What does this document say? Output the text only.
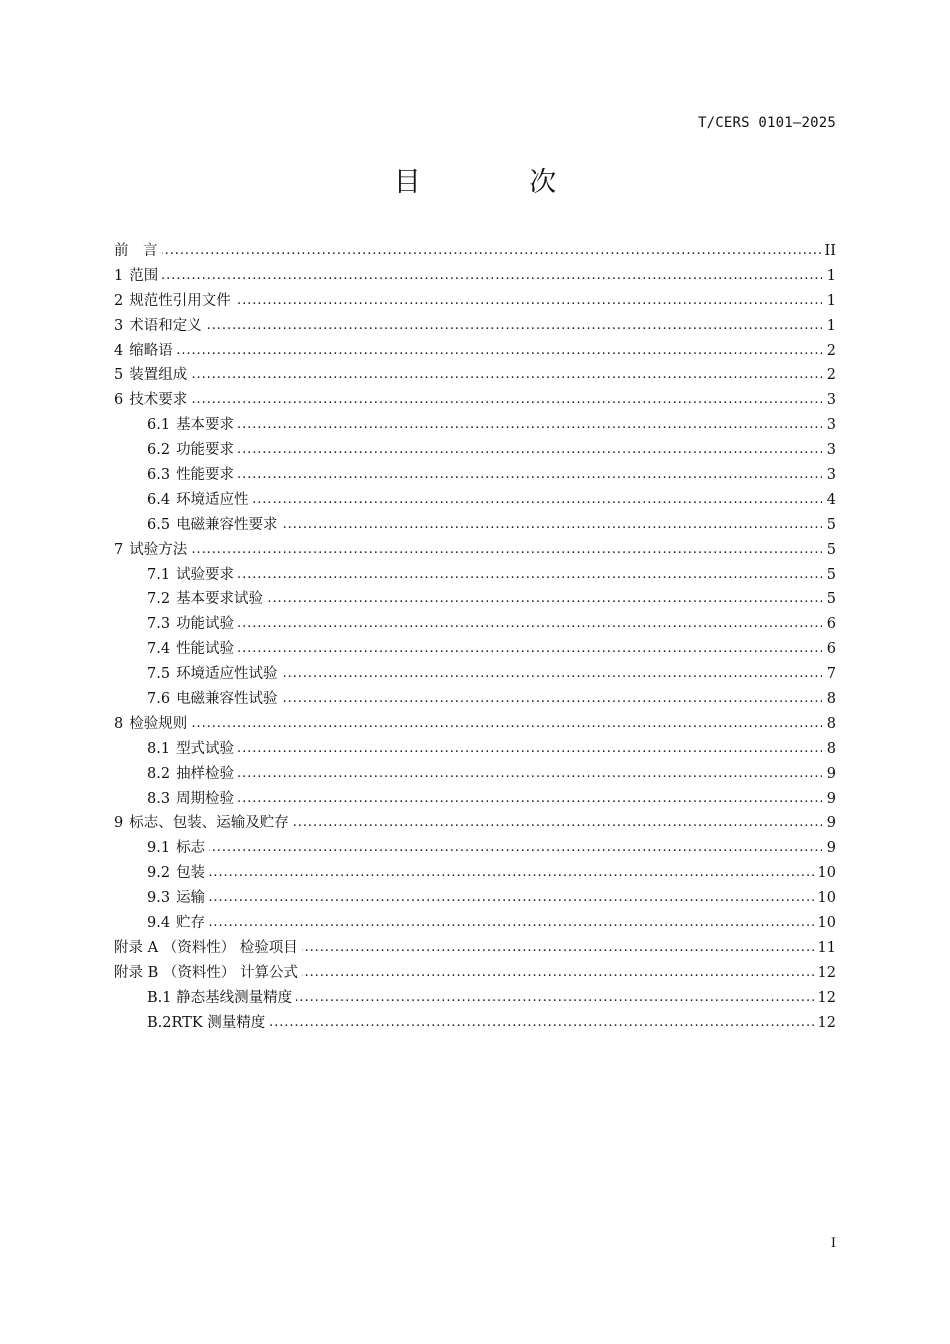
T/CERS 0101—2025
目 次
前　言 . . .	II
1 范围 . . .	1
2 规范性引用文件 . . .	1
3 术语和定义 . . .	1
4 缩略语 . . .	2
5 装置组成 . . .	2
6 技术要求 . . .	3
6.1 基本要求 . . .	3
6.2 功能要求 . . .	3
6.3 性能要求 . . .	3
6.4 环境适应性 . . .	4
6.5 电磁兼容性要求 . . .	5
7 试验方法 . . .	5
7.1 试验要求 . . .	5
7.2 基本要求试验 . . .	5
7.3 功能试验 . . .	6
7.4 性能试验 . . .	6
7.5 环境适应性试验 . . .	7
7.6 电磁兼容性试验 . . .	8
8 检验规则 . . .	8
8.1 型式试验 . . .	8
8.2 抽样检验 . . .	9
8.3 周期检验 . . .	9
9 标志、包装、运输及贮存 . . .	9
9.1 标志 . . .	9
9.2 包装 . . .	10
9.3 运输 . . .	10
9.4 贮存 . . .	10
附录 A （资料性） 检验项目 . . .	11
附录 B （资料性） 计算公式 . . .	12
B.1 静态基线测量精度 . . .	12
B.2RTK 测量精度 . . .	12
I
